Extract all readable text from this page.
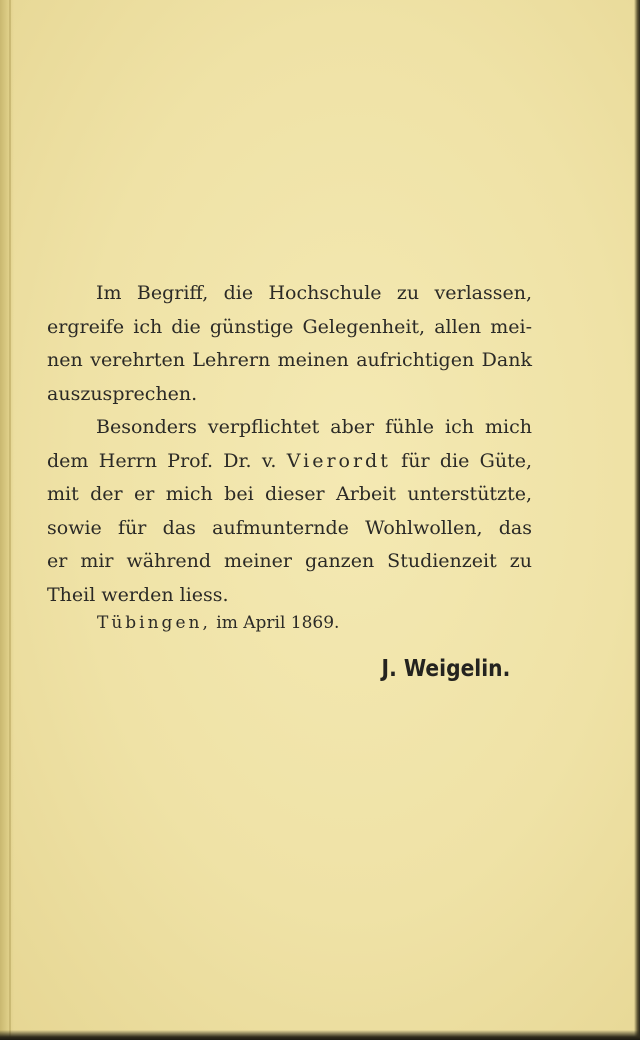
Im Begriff, die Hochschule zu verlassen,
ergreife ich die günstige Gelegenheit, allen mei-
nen verehrten Lehrern meinen aufrichtigen Dank
auszusprechen.
Besonders verpflichtet aber fühle ich mich
dem Herrn Prof. Dr. v. Vierordt für die Güte,
mit der er mich bei dieser Arbeit unterstützte,
sowie für das aufmunternde Wohlwollen, das
er mir während meiner ganzen Studienzeit zu
Theil werden liess.
Tübingen, im April 1869.
J. Weigelin.
